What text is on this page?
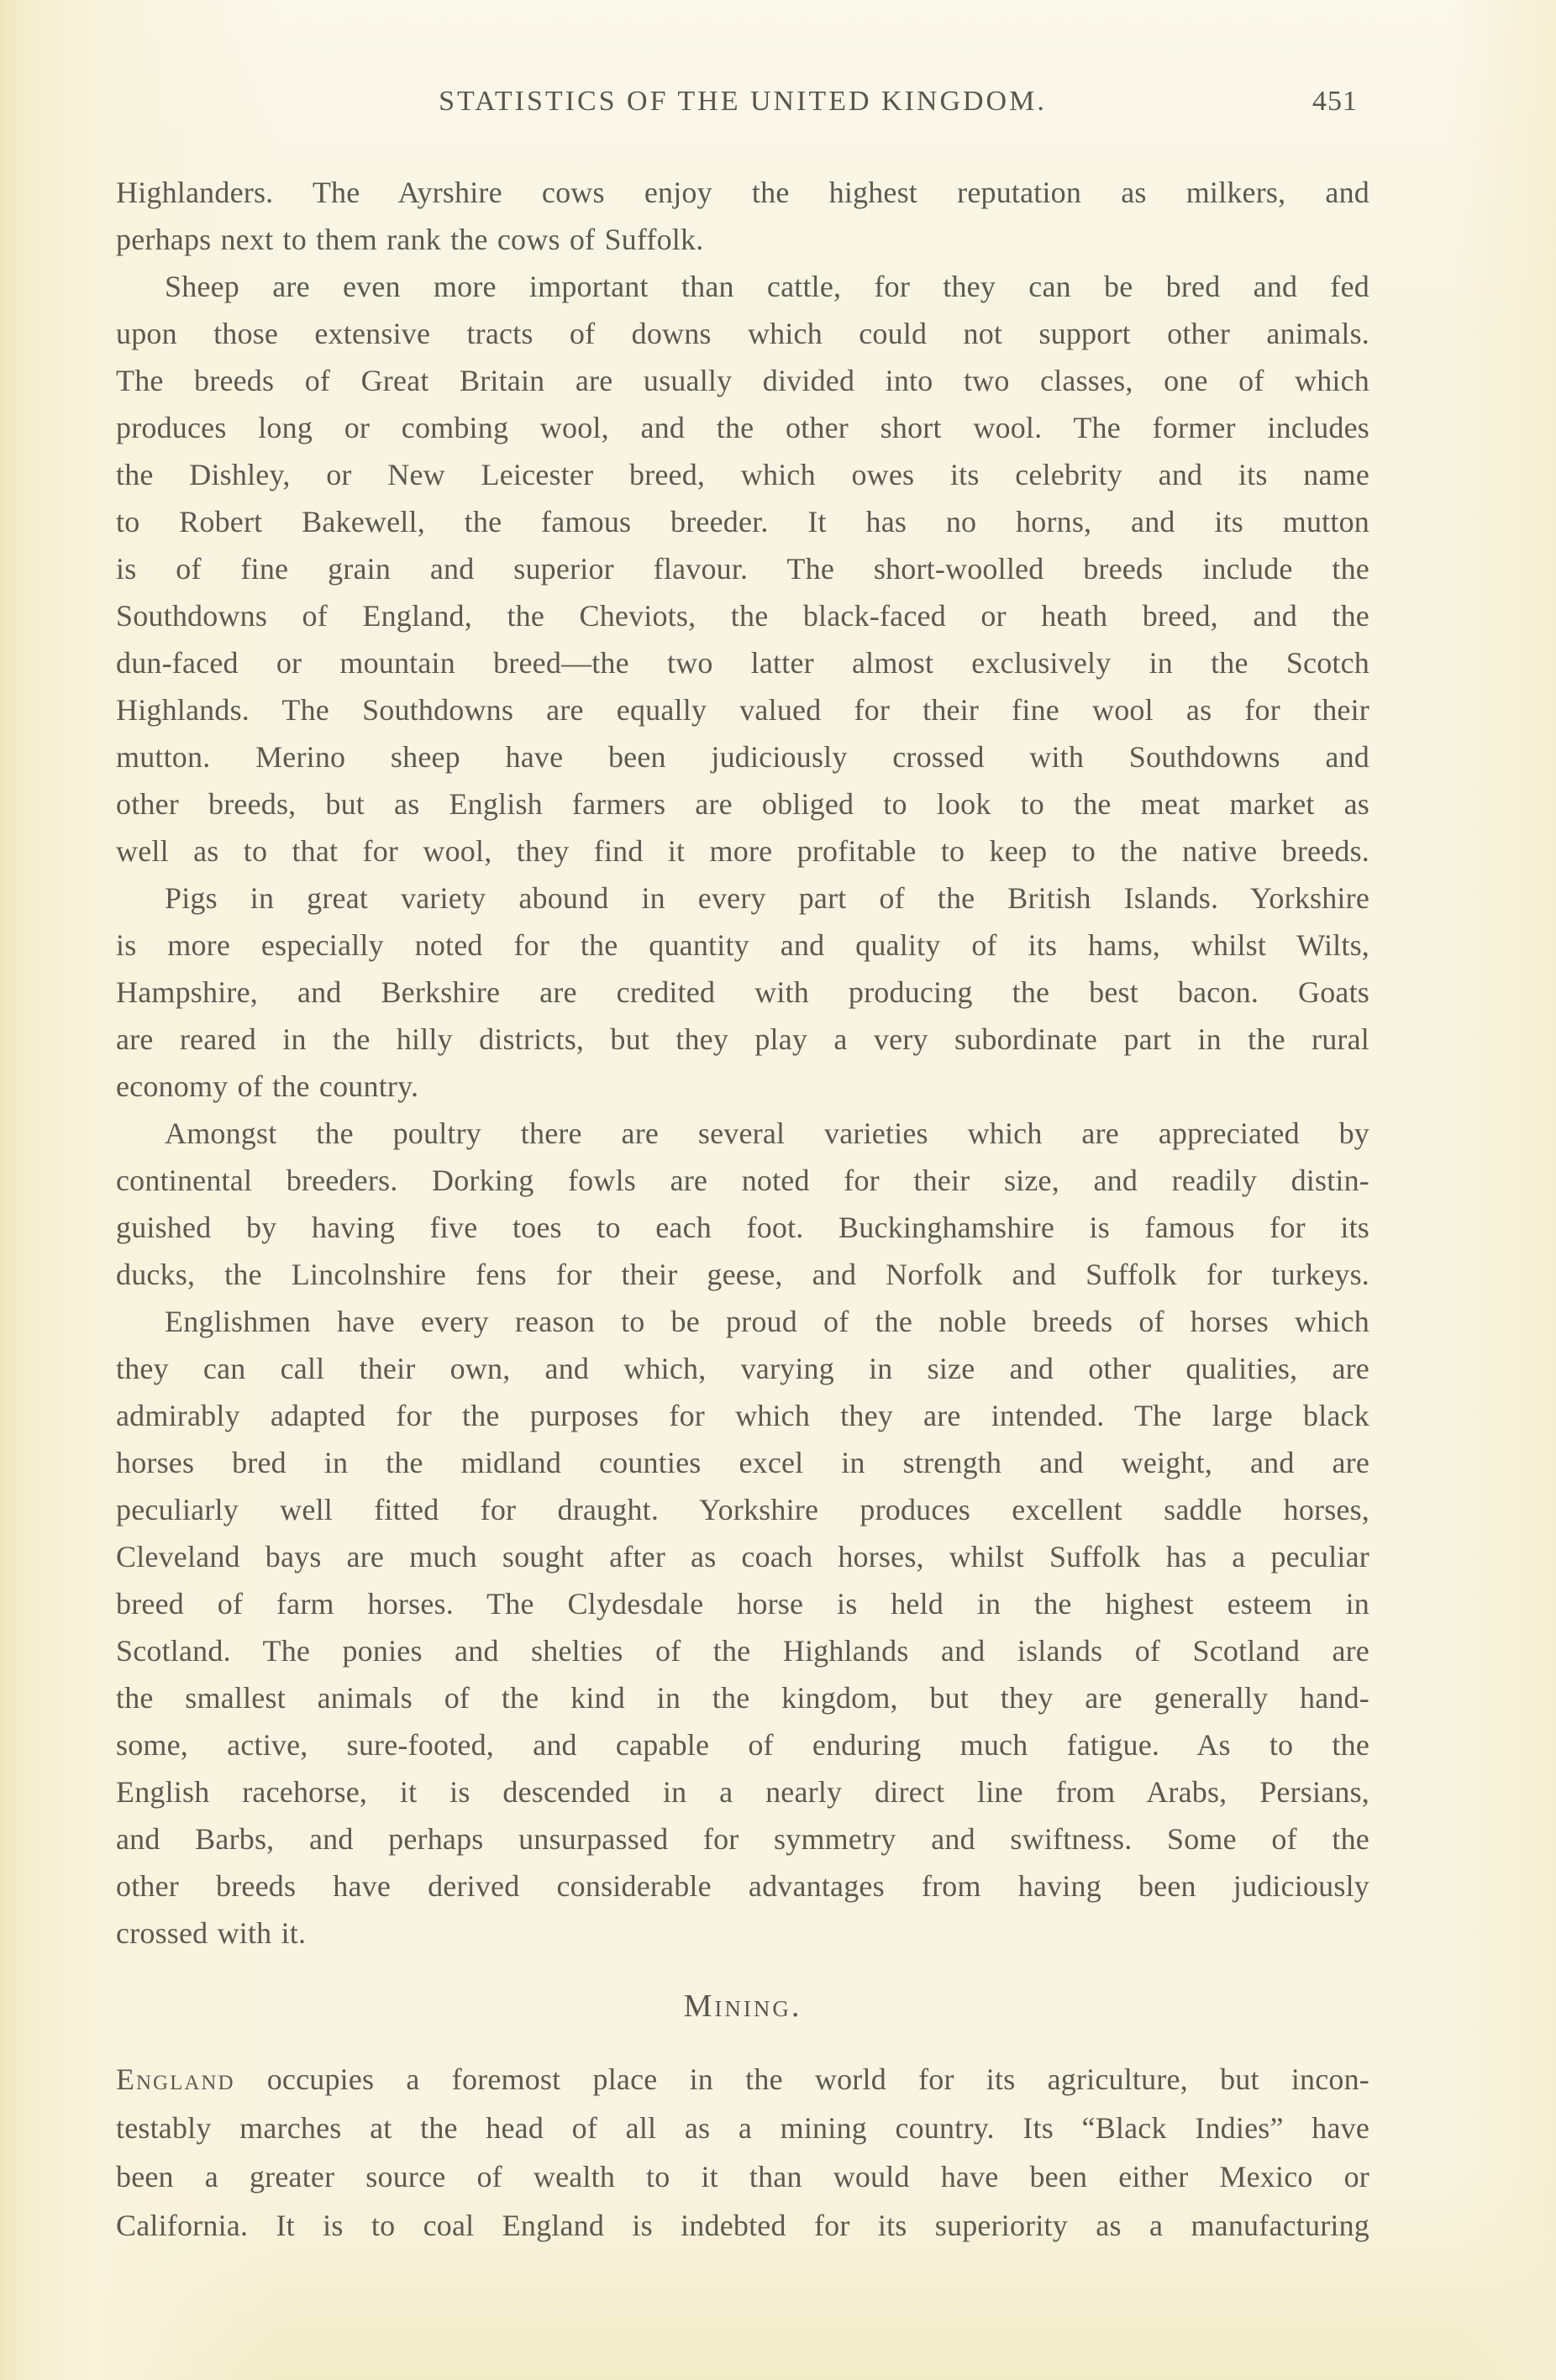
STATISTICS OF THE UNITED KINGDOM.	451
Highlanders. The Ayrshire cows enjoy the highest reputation as milkers, and
perhaps next to them rank the cows of Suffolk.
Sheep are even more important than cattle, for they can be bred and fed
upon those extensive tracts of downs which could not support other animals.
The breeds of Great Britain are usually divided into two classes, one of which
produces long or combing wool, and the other short wool. The former includes
the Dishley, or New Leicester breed, which owes its celebrity and its name
to Robert Bakewell, the famous breeder. It has no horns, and its mutton
is of fine grain and superior flavour. The short-woolled breeds include the
Southdowns of England, the Cheviots, the black-faced or heath breed, and the
dun-faced or mountain breed—the two latter almost exclusively in the Scotch
Highlands. The Southdowns are equally valued for their fine wool as for their
mutton. Merino sheep have been judiciously crossed with Southdowns and
other breeds, but as English farmers are obliged to look to the meat market as
well as to that for wool, they find it more profitable to keep to the native breeds.
Pigs in great variety abound in every part of the British Islands. Yorkshire
is more especially noted for the quantity and quality of its hams, whilst Wilts,
Hampshire, and Berkshire are credited with producing the best bacon. Goats
are reared in the hilly districts, but they play a very subordinate part in the rural
economy of the country.
Amongst the poultry there are several varieties which are appreciated by
continental breeders. Dorking fowls are noted for their size, and readily distin-
guished by having five toes to each foot. Buckinghamshire is famous for its
ducks, the Lincolnshire fens for their geese, and Norfolk and Suffolk for turkeys.
Englishmen have every reason to be proud of the noble breeds of horses which
they can call their own, and which, varying in size and other qualities, are
admirably adapted for the purposes for which they are intended. The large black
horses bred in the midland counties excel in strength and weight, and are
peculiarly well fitted for draught. Yorkshire produces excellent saddle horses,
Cleveland bays are much sought after as coach horses, whilst Suffolk has a peculiar
breed of farm horses. The Clydesdale horse is held in the highest esteem in
Scotland. The ponies and shelties of the Highlands and islands of Scotland are
the smallest animals of the kind in the kingdom, but they are generally hand-
some, active, sure-footed, and capable of enduring much fatigue. As to the
English racehorse, it is descended in a nearly direct line from Arabs, Persians,
and Barbs, and perhaps unsurpassed for symmetry and swiftness. Some of the
other breeds have derived considerable advantages from having been judiciously
crossed with it.
Mining.
England occupies a foremost place in the world for its agriculture, but incon-
testably marches at the head of all as a mining country. Its “Black Indies” have
been a greater source of wealth to it than would have been either Mexico or
California. It is to coal England is indebted for its superiority as a manufacturing
